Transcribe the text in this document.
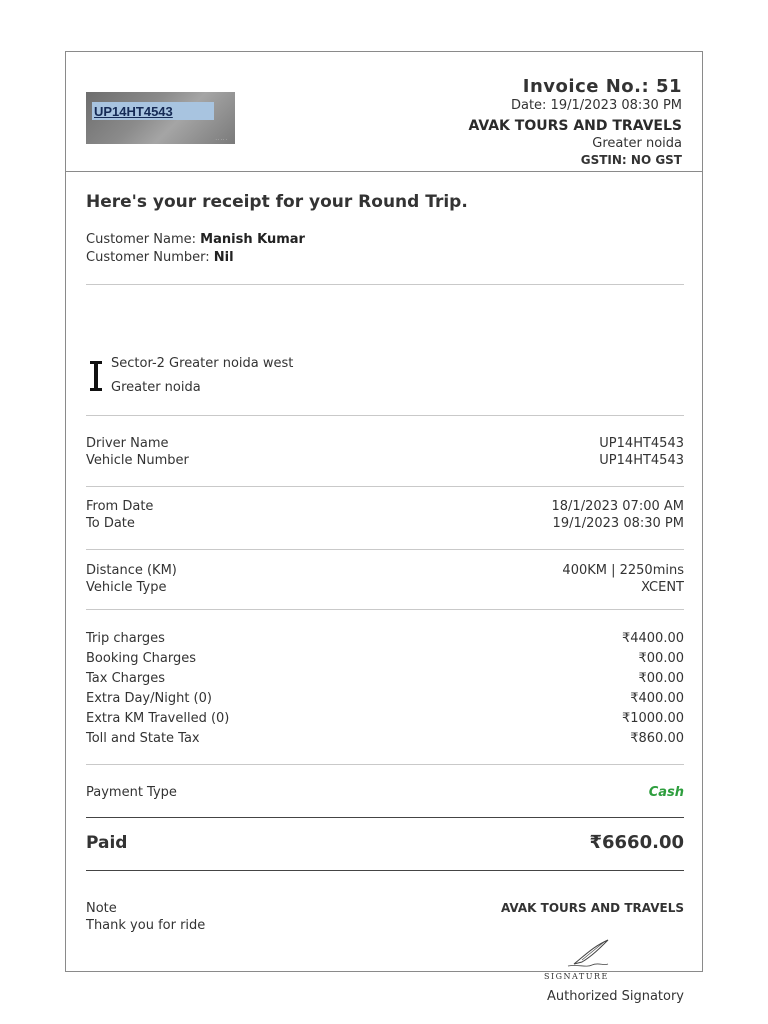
UP14HT4543
· · · · ·
Invoice No.: 51
Date: 19/1/2023 08:30 PM
AVAK TOURS AND TRAVELS
Greater noida
GSTIN: NO GST
Here's your receipt for your Round Trip.
Customer Name:
Manish Kumar
Customer Number:
Nil
Sector-2 Greater noida west
Greater noida
Driver Name	UP14HT4543
Vehicle Number	UP14HT4543
From Date	18/1/2023 07:00 AM
To Date	19/1/2023 08:30 PM
Distance (KM)	400KM | 2250mins
Vehicle Type	XCENT
Trip charges	₹4400.00
Booking Charges	₹00.00
Tax Charges	₹00.00
Extra Day/Night (0)	₹400.00
Extra KM Travelled (0)	₹1000.00
Toll and State Tax	₹860.00
Payment Type	Cash
Paid	₹6660.00
Note	AVAK TOURS AND TRAVELS
Thank you for ride
SIGNATURE
Authorized Signatory
